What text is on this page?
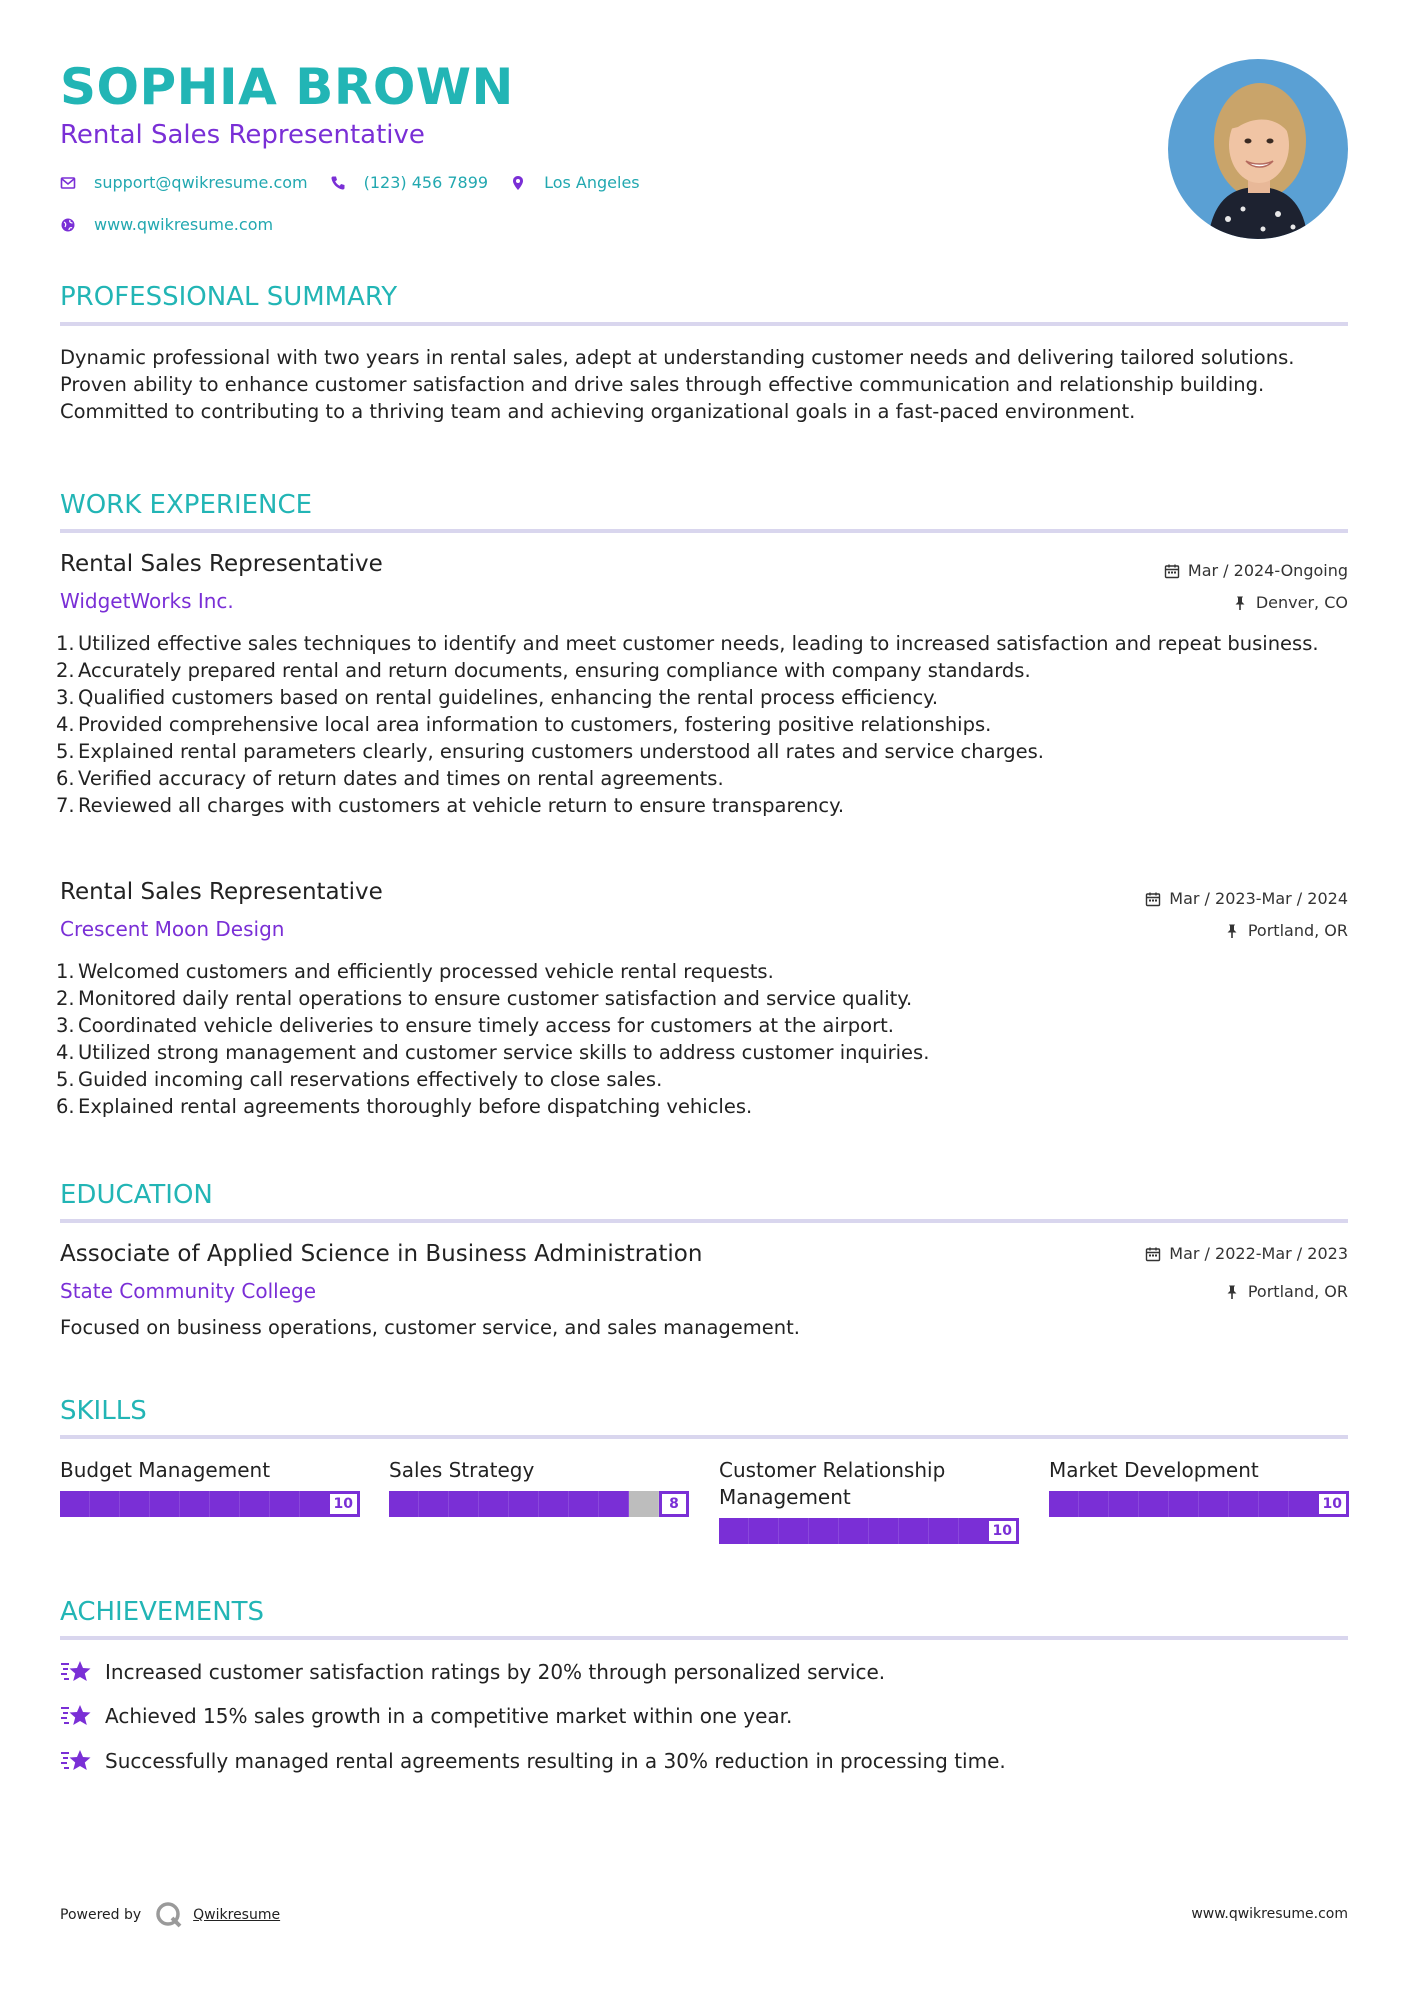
SOPHIA BROWN
Rental Sales Representative
support@qwikresume.com	(123) 456 7899	Los Angeles
www.qwikresume.com
PROFESSIONAL SUMMARY
Dynamic professional with two years in rental sales, adept at understanding customer needs and delivering tailored solutions. Proven ability to enhance customer satisfaction and drive sales through effective communication and relationship building. Committed to contributing to a thriving team and achieving organizational goals in a fast-paced environment.
WORK EXPERIENCE
Rental Sales Representative
WidgetWorks Inc.
Mar / 2024-Ongoing
Denver, CO
Utilized effective sales techniques to identify and meet customer needs, leading to increased satisfaction and repeat business.
Accurately prepared rental and return documents, ensuring compliance with company standards.
Qualified customers based on rental guidelines, enhancing the rental process efficiency.
Provided comprehensive local area information to customers, fostering positive relationships.
Explained rental parameters clearly, ensuring customers understood all rates and service charges.
Verified accuracy of return dates and times on rental agreements.
Reviewed all charges with customers at vehicle return to ensure transparency.
Rental Sales Representative
Crescent Moon Design
Mar / 2023-Mar / 2024
Portland, OR
Welcomed customers and efficiently processed vehicle rental requests.
Monitored daily rental operations to ensure customer satisfaction and service quality.
Coordinated vehicle deliveries to ensure timely access for customers at the airport.
Utilized strong management and customer service skills to address customer inquiries.
Guided incoming call reservations effectively to close sales.
Explained rental agreements thoroughly before dispatching vehicles.
EDUCATION
Associate of Applied Science in Business Administration
State Community College
Mar / 2022-Mar / 2023
Portland, OR
Focused on business operations, customer service, and sales management.
SKILLS
Budget Management
10
Sales Strategy
8
Customer Relationship Management
10
Market Development
10
ACHIEVEMENTS
Increased customer satisfaction ratings by 20% through personalized service.
Achieved 15% sales growth in a competitive market within one year.
Successfully managed rental agreements resulting in a 30% reduction in processing time.
Powered by	Qwikresume	www.qwikresume.com
